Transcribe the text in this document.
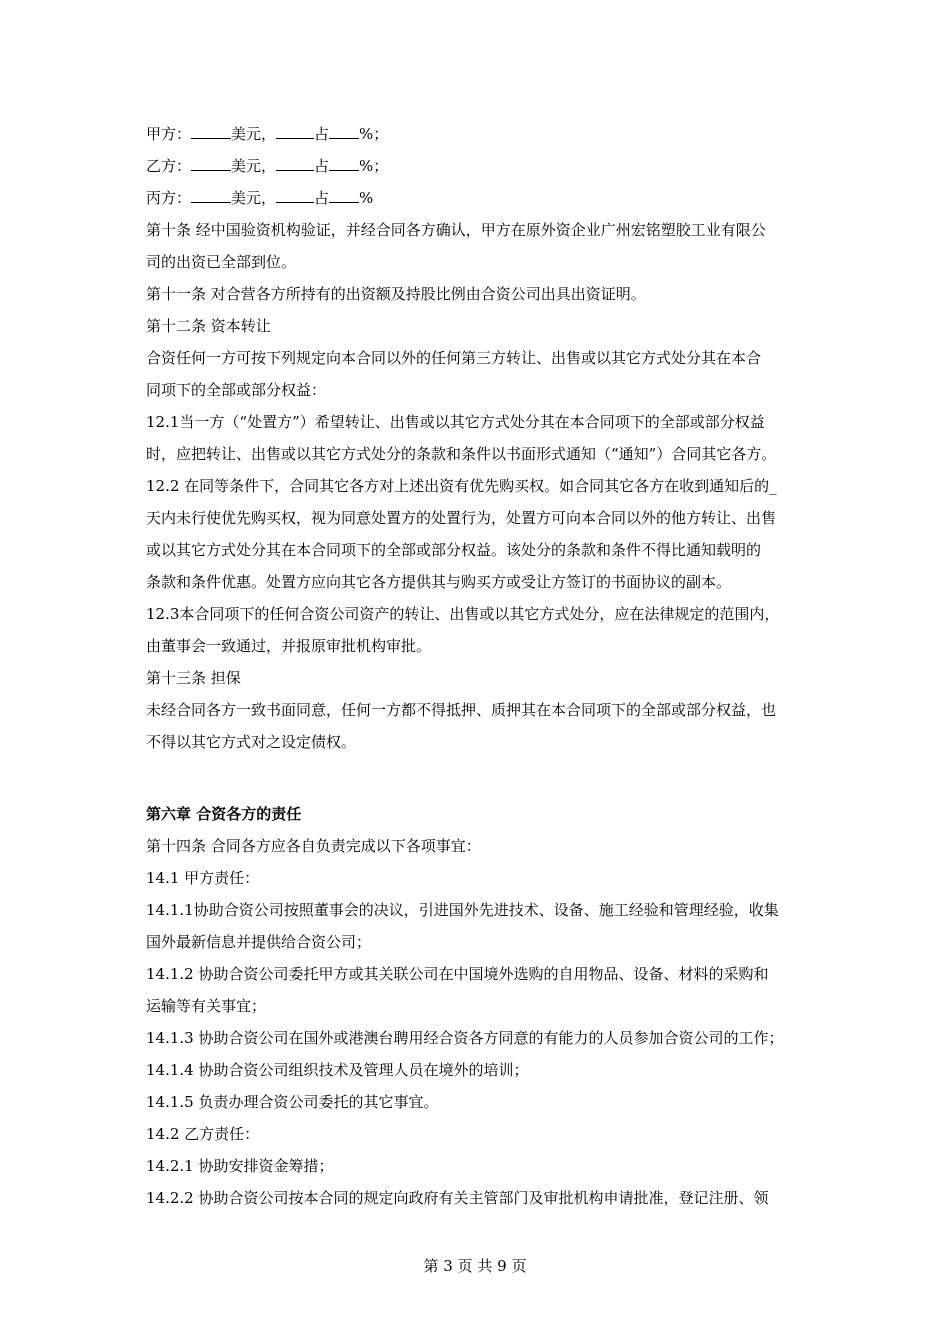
甲方：	美元，	占 %；

乙方：	美元，	占 %；

丙方：	美元，	占 %

第十条 经中国验资机构验证，并经合同各方确认，甲方在原外资企业广州宏铭塑胶工业有限公

司的出资已全部到位。

第十一条 对合营各方所持有的出资额及持股比例由合资公司出具出资证明。

第十二条 资本转让

合资任何一方可按下列规定向本合同以外的任何第三方转让、出售或以其它方式处分其在本合

同项下的全部或部分权益：

12.1当一方（“处置方”）希望转让、出售或以其它方式处分其在本合同项下的全部或部分权益

时，应把转让、出售或以其它方式处分的条款和条件以书面形式通知（“通知”）合同其它各方。

12.2 在同等条件下，合同其它各方对上述出资有优先购买权。如合同其它各方在收到通知后的_

天内未行使优先购买权，视为同意处置方的处置行为，处置方可向本合同以外的他方转让、出售

或以其它方式处分其在本合同项下的全部或部分权益。该处分的条款和条件不得比通知载明的

条款和条件优惠。处置方应向其它各方提供其与购买方或受让方签订的书面协议的副本。

12.3本合同项下的任何合资公司资产的转让、出售或以其它方式处分，应在法律规定的范围内，

由董事会一致通过，并报原审批机构审批。

第十三条 担保

未经合同各方一致书面同意，任何一方都不得抵押、质押其在本合同项下的全部或部分权益，也

不得以其它方式对之设定债权。

第六章 合资各方的责任

第十四条 合同各方应各自负责完成以下各项事宜：

14.1 甲方责任：

14.1.1协助合资公司按照董事会的决议，引进国外先进技术、设备、施工经验和管理经验，收集

国外最新信息并提供给合资公司；

14.1.2 协助合资公司委托甲方或其关联公司在中国境外选购的自用物品、设备、材料的采购和

运输等有关事宜；

14.1.3 协助合资公司在国外或港澳台聘用经合资各方同意的有能力的人员参加合资公司的工作；

14.1.4 协助合资公司组织技术及管理人员在境外的培训；

14.1.5 负责办理合资公司委托的其它事宜。

14.2 乙方责任：

14.2.1 协助安排资金筹措；

14.2.2 协助合资公司按本合同的规定向政府有关主管部门及审批机构申请批准，登记注册、领

第 3 页 共 9 页
